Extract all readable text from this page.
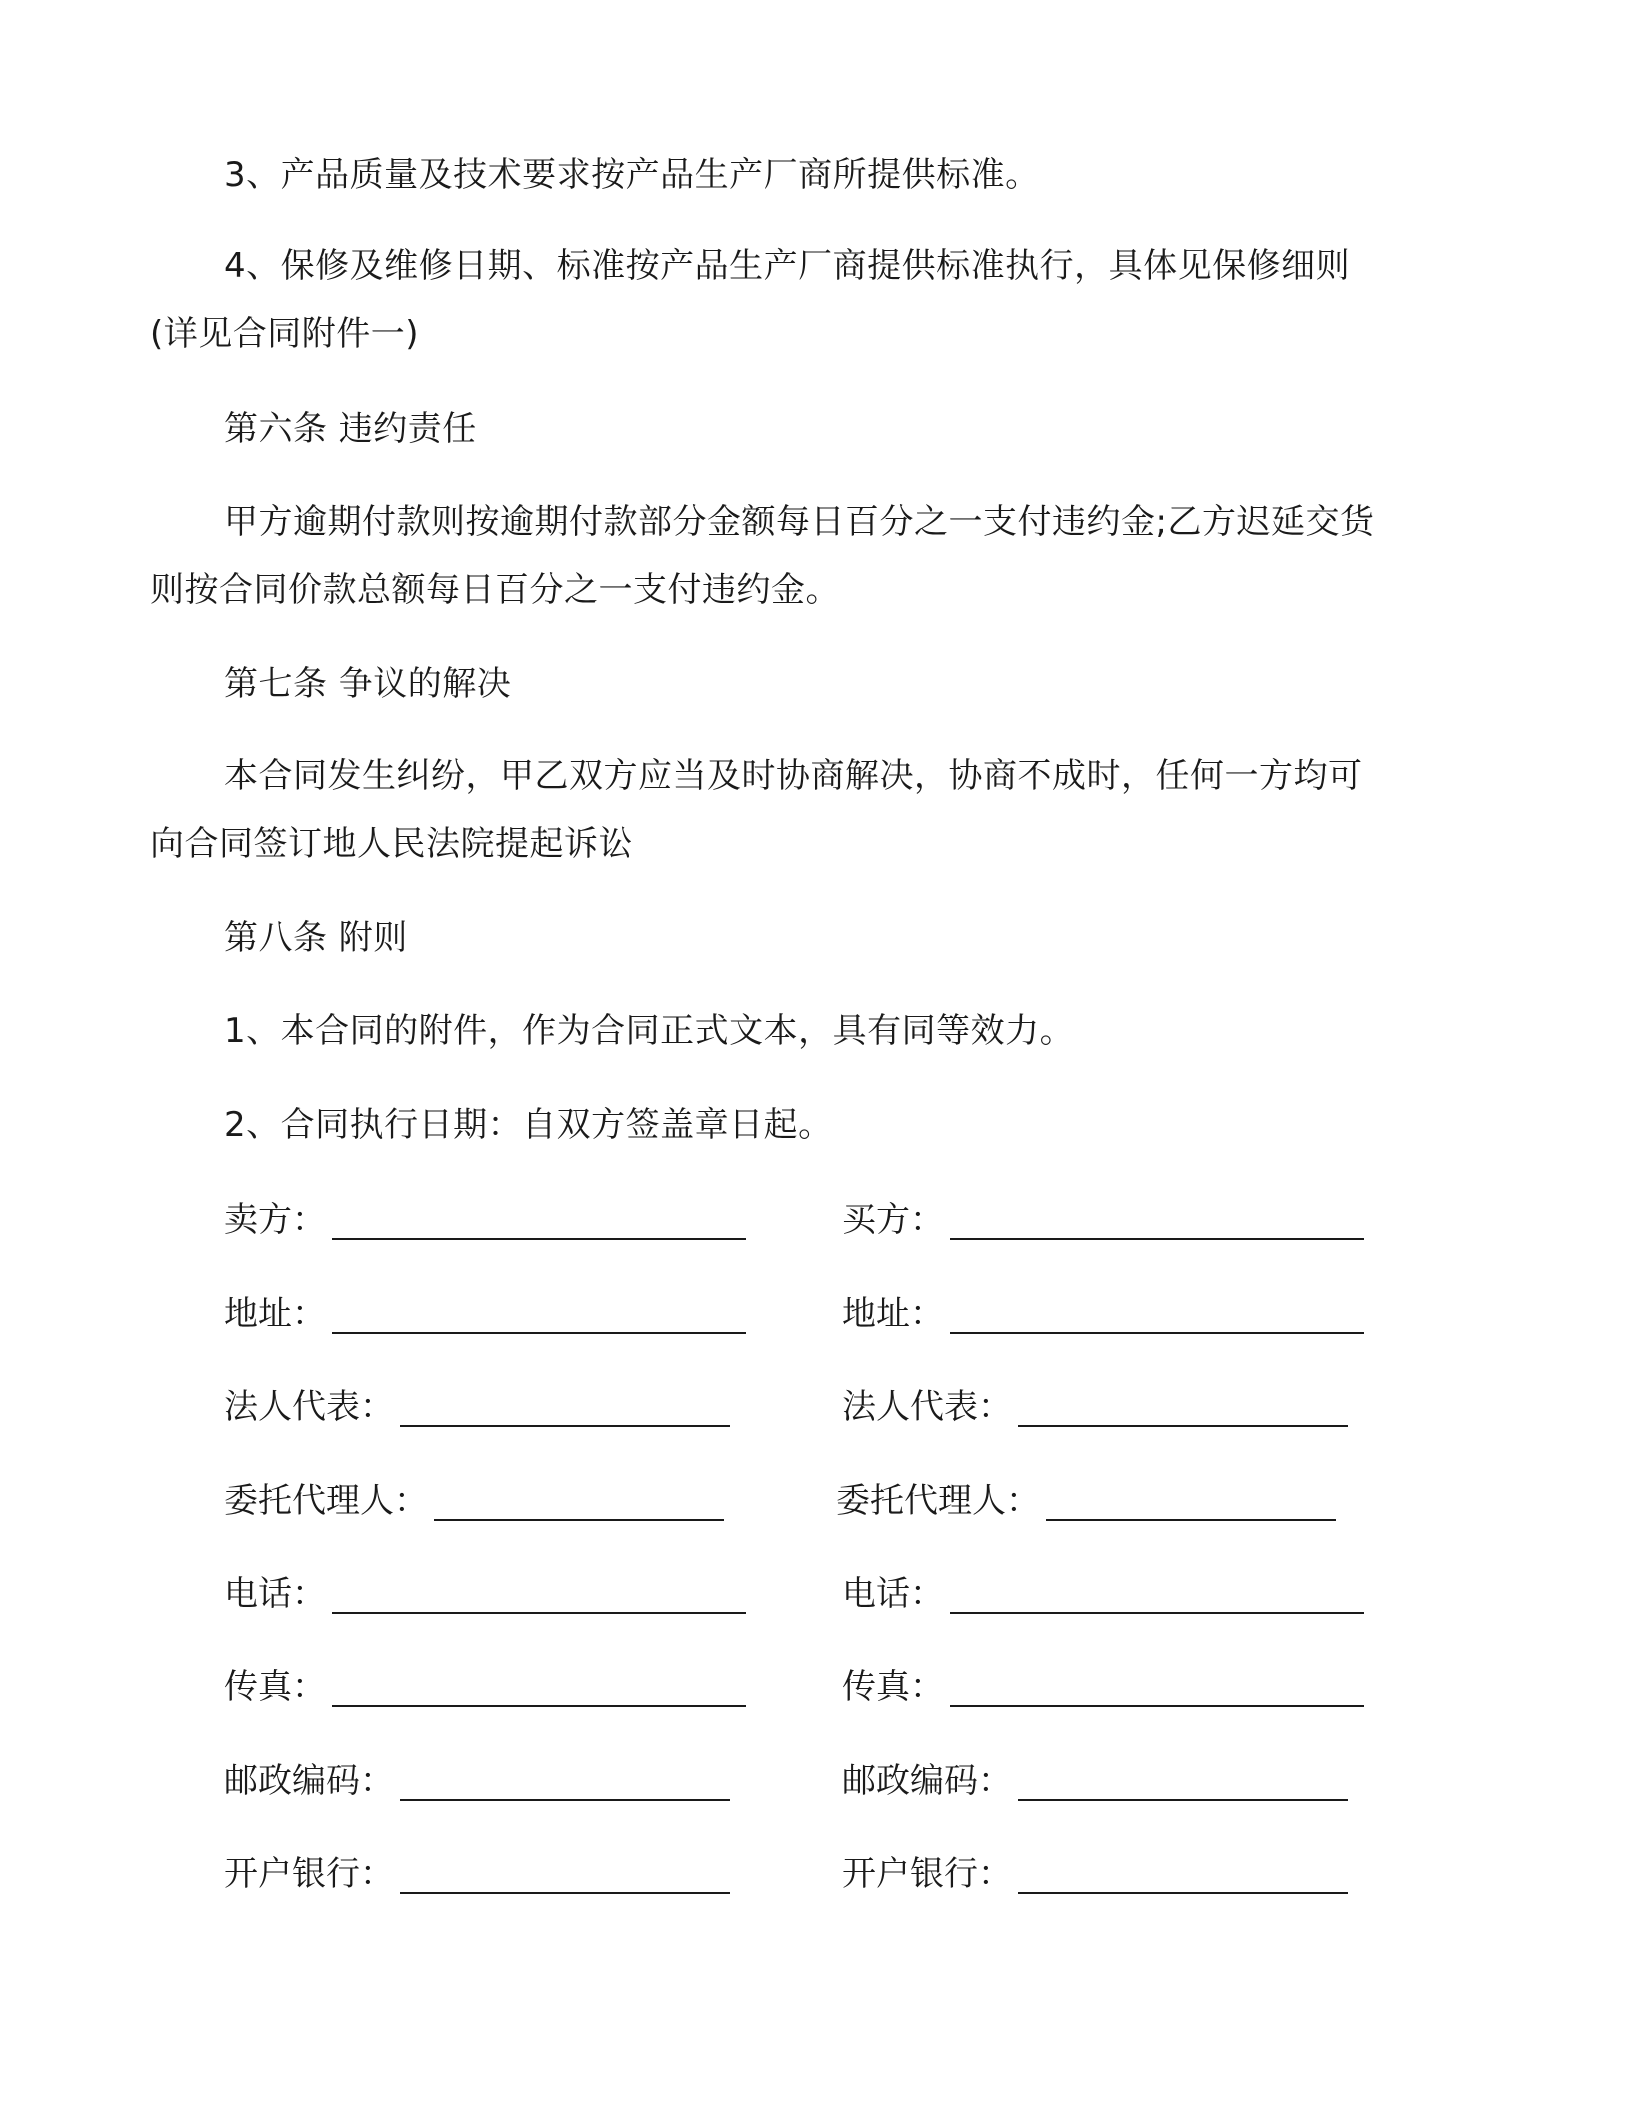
3、产品质量及技术要求按产品生产厂商所提供标准。
4、保修及维修日期、标准按产品生产厂商提供标准执行，具体见保修细则
(详见合同附件一)
第六条 违约责任
甲方逾期付款则按逾期付款部分金额每日百分之一支付违约金;乙方迟延交货
则按合同价款总额每日百分之一支付违约金。
第七条 争议的解决
本合同发生纠纷，甲乙双方应当及时协商解决，协商不成时，任何一方均可
向合同签订地人民法院提起诉讼
第八条 附则
1、本合同的附件，作为合同正式文本，具有同等效力。
2、合同执行日期：自双方签盖章日起。
卖方：	买方：
地址：	地址：
法人代表：	法人代表：
委托代理人：	委托代理人：
电话：	电话：
传真：	传真：
邮政编码：	邮政编码：
开户银行：	开户银行：
